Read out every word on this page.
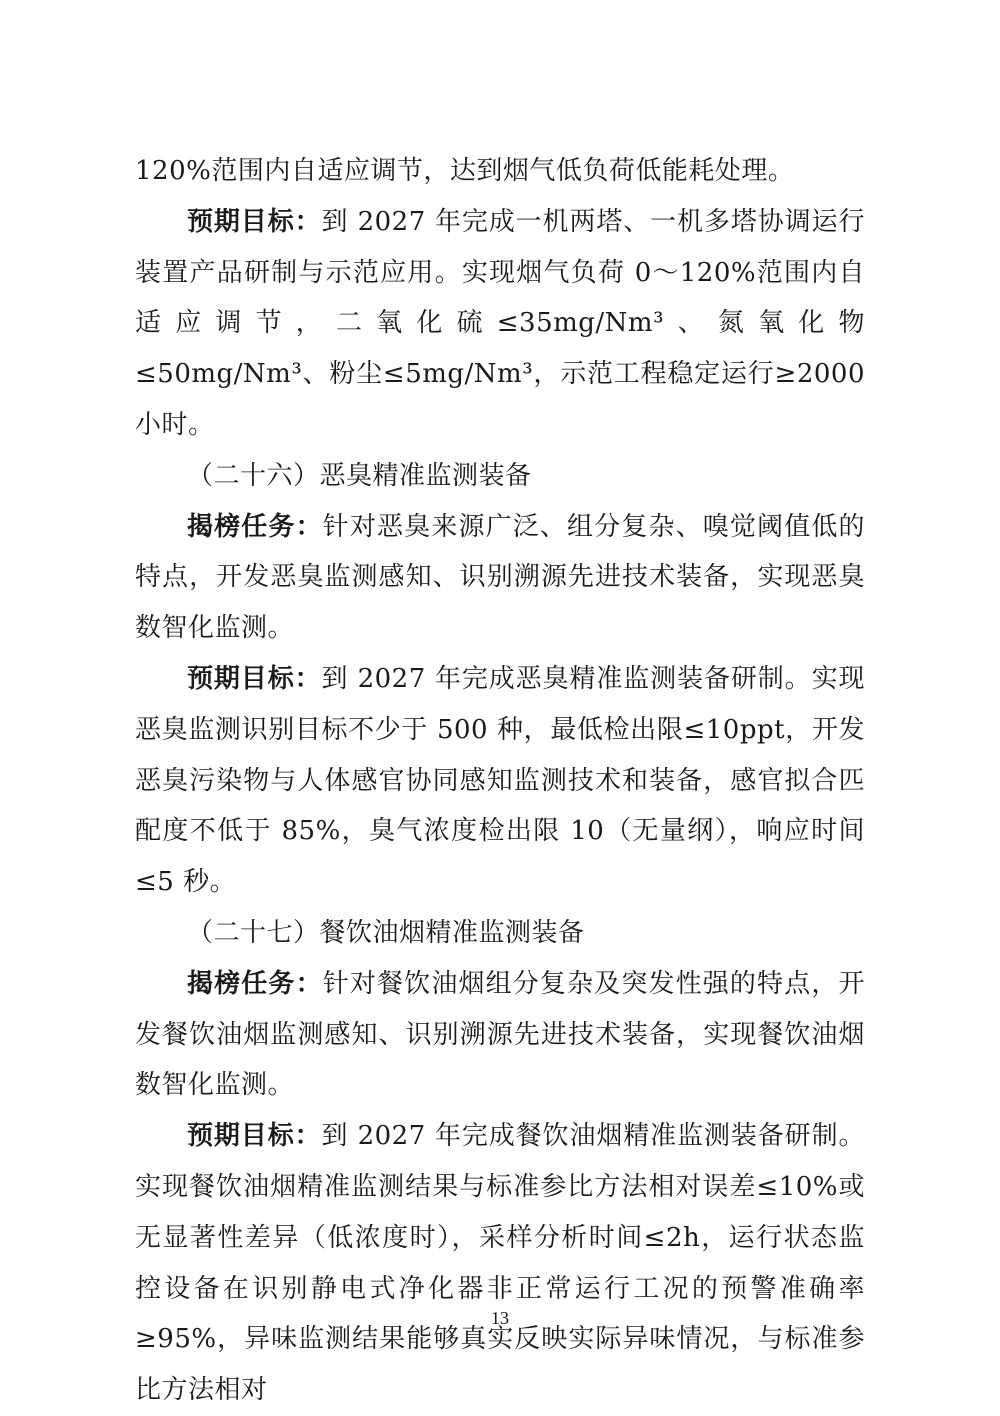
120%范围内自适应调节，达到烟气低负荷低能耗处理。

预期目标：到 2027 年完成一机两塔、一机多塔协调运行装置产品研制与示范应用。实现烟气负荷 0～120%范围内自适应调节，二氧化硫≤35mg/Nm³、氮氧化物≤50mg/Nm³、粉尘≤5mg/Nm³，示范工程稳定运行≥2000 小时。

（二十六）恶臭精准监测装备

揭榜任务：针对恶臭来源广泛、组分复杂、嗅觉阈值低的特点，开发恶臭监测感知、识别溯源先进技术装备，实现恶臭数智化监测。

预期目标：到 2027 年完成恶臭精准监测装备研制。实现恶臭监测识别目标不少于 500 种，最低检出限≤10ppt，开发恶臭污染物与人体感官协同感知监测技术和装备，感官拟合匹配度不低于 85%，臭气浓度检出限 10（无量纲），响应时间≤5 秒。

（二十七）餐饮油烟精准监测装备

揭榜任务：针对餐饮油烟组分复杂及突发性强的特点，开发餐饮油烟监测感知、识别溯源先进技术装备，实现餐饮油烟数智化监测。

预期目标：到 2027 年完成餐饮油烟精准监测装备研制。实现餐饮油烟精准监测结果与标准参比方法相对误差≤10%或无显著性差异（低浓度时），采样分析时间≤2h，运行状态监控设备在识别静电式净化器非正常运行工况的预警准确率≥95%，异味监测结果能够真实反映实际异味情况，与标准参比方法相对

13
